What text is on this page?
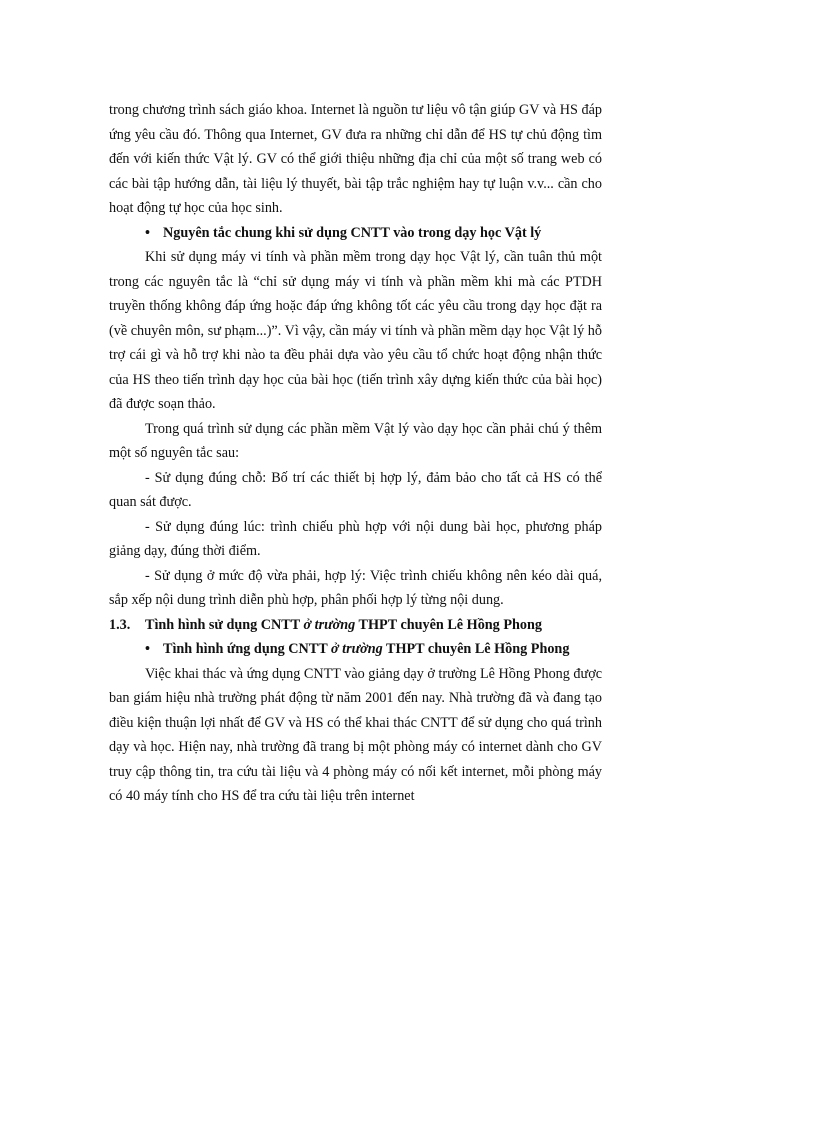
trong chương trình sách giáo khoa. Internet là nguồn tư liệu vô tận giúp GV và HS đáp ứng yêu cầu đó. Thông qua Internet, GV đưa ra những chỉ dẫn để HS tự chủ động tìm đến với kiến thức Vật lý. GV có thể giới thiệu những địa chỉ của một số trang web có các bài tập hướng dẫn, tài liệu lý thuyết, bài tập trắc nghiệm hay tự luận v.v... cần cho hoạt động tự học của học sinh.

• Nguyên tắc chung khi sử dụng CNTT vào trong dạy học Vật lý

Khi sử dụng máy vi tính và phần mềm trong dạy học Vật lý, cần tuân thủ một trong các nguyên tắc là “chỉ sử dụng máy vi tính và phần mềm khi mà các PTDH truyền thống không đáp ứng hoặc đáp ứng không tốt các yêu cầu trong dạy học đặt ra (về chuyên môn, sư phạm...)”. Vì vậy, cần máy vi tính và phần mềm dạy học Vật lý hỗ trợ cái gì và hỗ trợ khi nào ta đều phải dựa vào yêu cầu tổ chức hoạt động nhận thức của HS theo tiến trình dạy học của bài học (tiến trình xây dựng kiến thức của bài học) đã được soạn thảo.

Trong quá trình sử dụng các phần mềm Vật lý vào dạy học cần phải chú ý thêm một số nguyên tắc sau:

- Sử dụng đúng chỗ: Bố trí các thiết bị hợp lý, đảm bảo cho tất cả HS có thể quan sát được.

- Sử dụng đúng lúc: trình chiếu phù hợp với nội dung bài học, phương pháp giảng dạy, đúng thời điểm.

- Sử dụng ở mức độ vừa phải, hợp lý: Việc trình chiếu không nên kéo dài quá, sắp xếp nội dung trình diễn phù hợp, phân phối hợp lý từng nội dung.

1.3. Tình hình sử dụng CNTT ở trường THPT chuyên Lê Hồng Phong
• Tình hình ứng dụng CNTT ở trường THPT chuyên Lê Hồng Phong

Việc khai thác và ứng dụng CNTT vào giảng dạy ở trường Lê Hồng Phong được ban giám hiệu nhà trường phát động từ năm 2001 đến nay. Nhà trường đã và đang tạo điều kiện thuận lợi nhất để GV và HS có thể khai thác CNTT để sử dụng cho quá trình dạy và học. Hiện nay, nhà trường đã trang bị một phòng máy có internet dành cho GV truy cập thông tin, tra cứu tài liệu và 4 phòng máy có nối kết internet, mỗi phòng máy có 40 máy tính cho HS để tra cứu tài liệu trên internet
